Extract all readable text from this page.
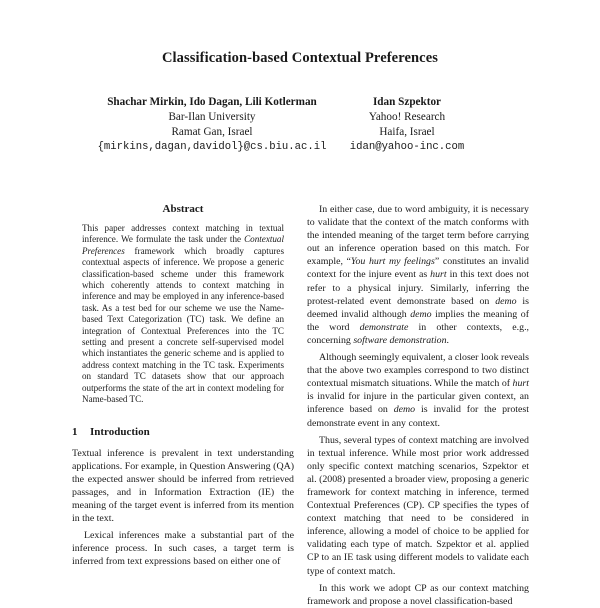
Classification-based Contextual Preferences
Shachar Mirkin, Ido Dagan, Lili Kotlerman
Bar-Ilan University
Ramat Gan, Israel
{mirkins,dagan,davidol}@cs.biu.ac.il
Idan Szpektor
Yahoo! Research
Haifa, Israel
idan@yahoo-inc.com
Abstract

This paper addresses context matching in textual inference. We formulate the task under the Contextual Preferences framework which broadly captures contextual aspects of inference. We propose a generic classification-based scheme under this framework which coherently attends to context matching in inference and may be employed in any inference-based task. As a test bed for our scheme we use the Name-based Text Categorization (TC) task. We define an integration of Contextual Preferences into the TC setting and present a concrete self-supervised model which instantiates the generic scheme and is applied to address context matching in the TC task. Experiments on standard TC datasets show that our approach outperforms the state of the art in context modeling for Name-based TC.

1 Introduction

Textual inference is prevalent in text understanding applications. For example, in Question Answering (QA) the expected answer should be inferred from retrieved passages, and in Information Extraction (IE) the meaning of the target event is inferred from its mention in the text.

Lexical inferences make a substantial part of the inference process. In such cases, a target term is inferred from text expressions based on either one of

In either case, due to word ambiguity, it is necessary to validate that the context of the match conforms with the intended meaning of the target term before carrying out an inference operation based on this match. For example, “You hurt my feelings” constitutes an invalid context for the injure event as hurt in this text does not refer to a physical injury. Similarly, inferring the protest-related event demonstrate based on demo is deemed invalid although demo implies the meaning of the word demonstrate in other contexts, e.g., concerning software demonstration.

Although seemingly equivalent, a closer look reveals that the above two examples correspond to two distinct contextual mismatch situations. While the match of hurt is invalid for injure in the particular given context, an inference based on demo is invalid for the protest demonstrate event in any context.

Thus, several types of context matching are involved in textual inference. While most prior work addressed only specific context matching scenarios, Szpektor et al. (2008) presented a broader view, proposing a generic framework for context matching in inference, termed Contextual Preferences (CP). CP specifies the types of context matching that need to be considered in inference, allowing a model of choice to be applied for validating each type of match. Szpektor et al. applied CP to an IE task using different models to validate each type of context match.

In this work we adopt CP as our context matching framework and propose a novel classification-based
